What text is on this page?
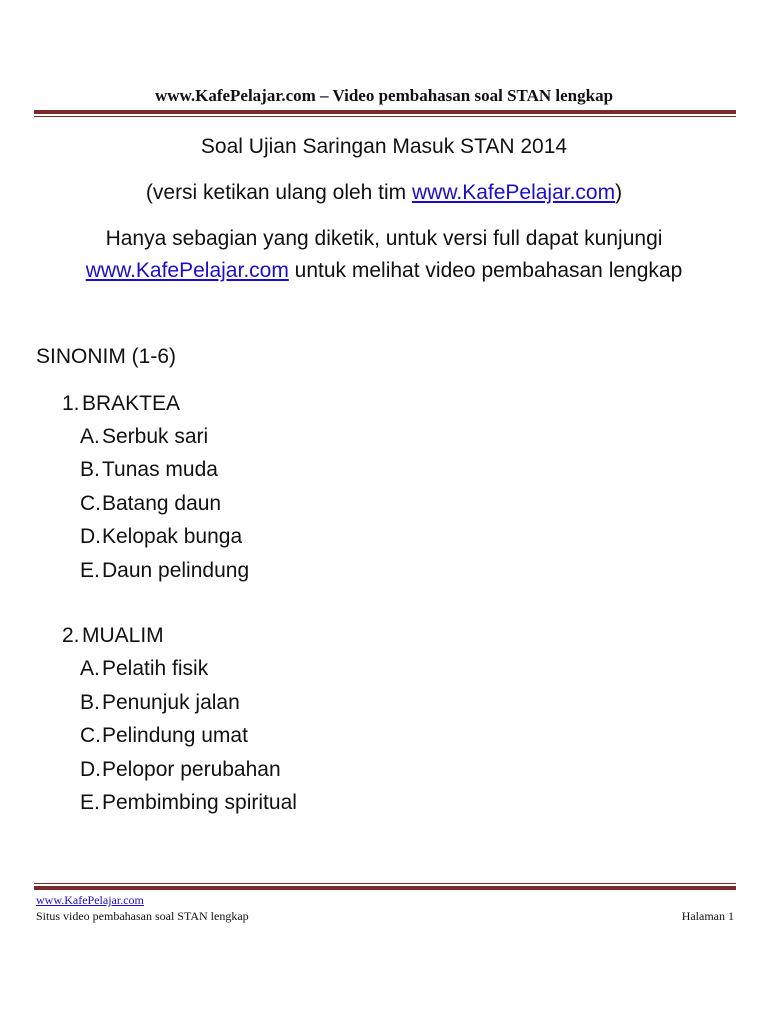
www.KafePelajar.com – Video pembahasan soal STAN lengkap
Soal Ujian Saringan Masuk STAN 2014
(versi ketikan ulang oleh tim www.KafePelajar.com)
Hanya sebagian yang diketik, untuk versi full dapat kunjungi
www.KafePelajar.com untuk melihat video pembahasan lengkap
SINONIM (1-6)
1. BRAKTEA
A. Serbuk sari
B. Tunas muda
C.Batang daun
D.Kelopak bunga
E. Daun pelindung
2. MUALIM
A. Pelatih fisik
B. Penunjuk jalan
C.Pelindung umat
D.Pelopor perubahan
E. Pembimbing spiritual
www.KafePelajar.com
Situs video pembahasan soal STAN lengkap	Halaman 1
